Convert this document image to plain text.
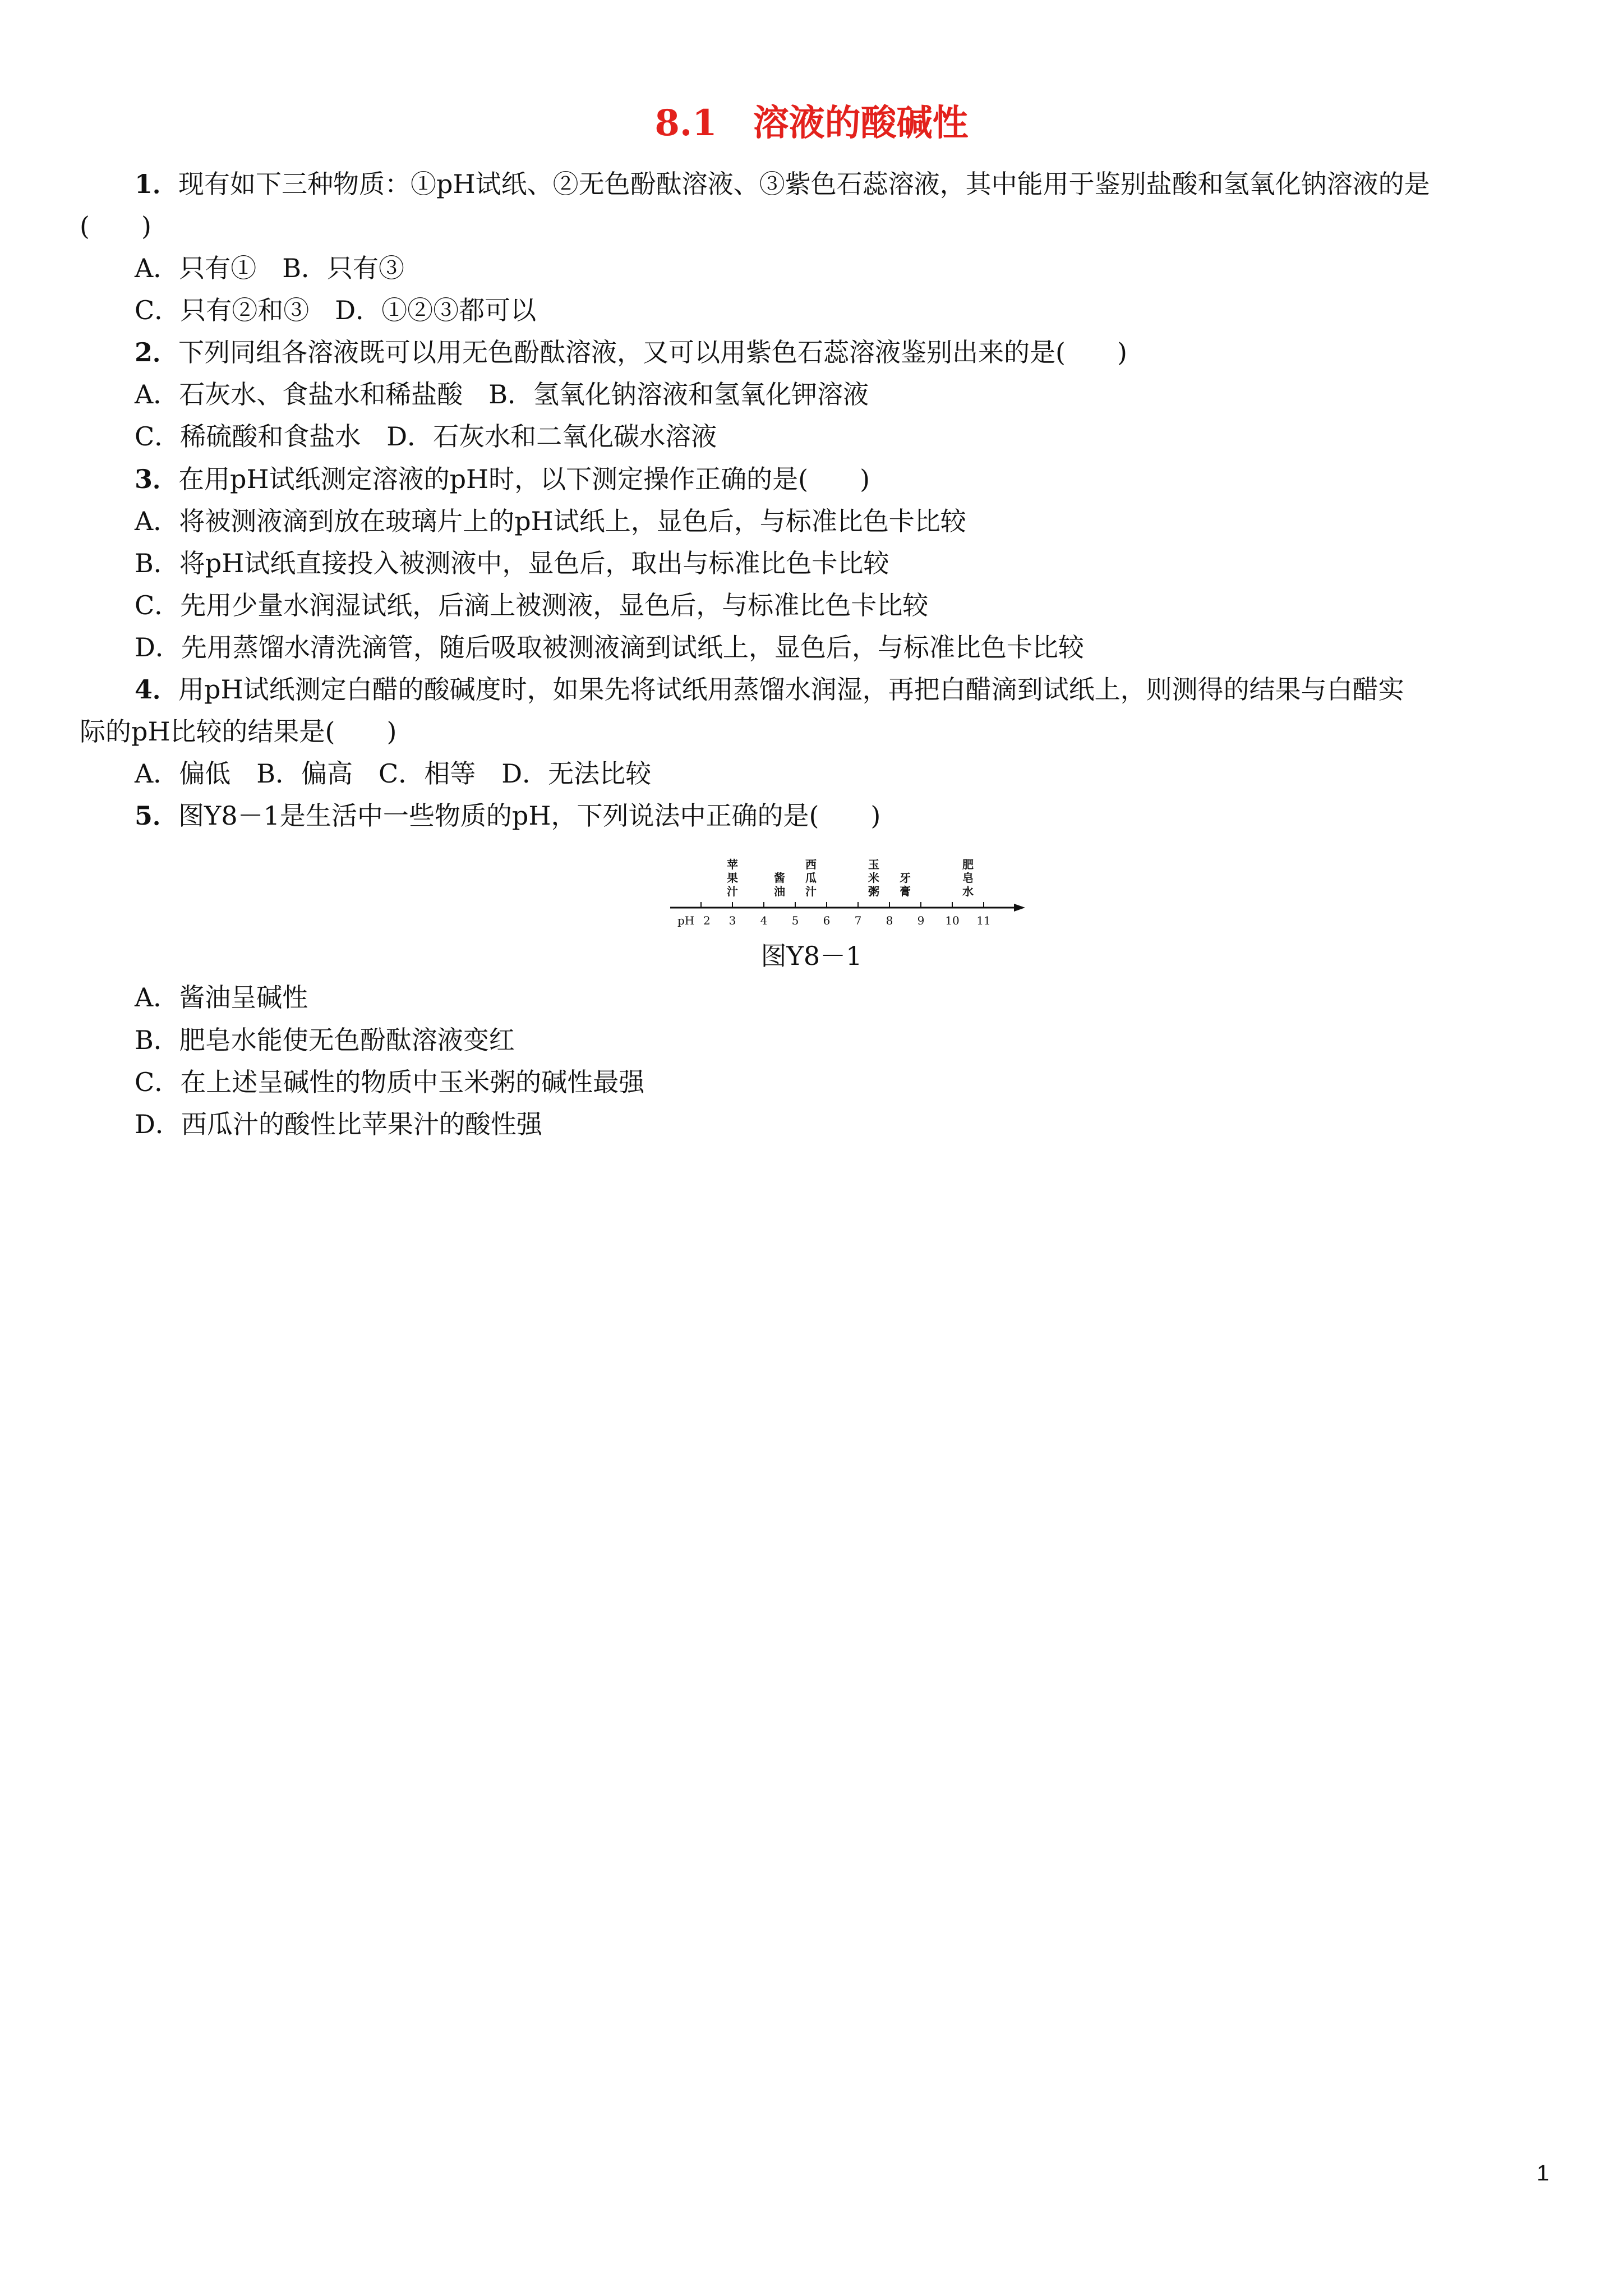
8.1　溶液的酸碱性
1．现有如下三种物质：①pH试纸、②无色酚酞溶液、③紫色石蕊溶液，其中能用于鉴别盐酸和氢氧化钠溶液的是
(　　)
A．只有①　B．只有③
C．只有②和③　D．①②③都可以
2．下列同组各溶液既可以用无色酚酞溶液，又可以用紫色石蕊溶液鉴别出来的是(　　)
A．石灰水、食盐水和稀盐酸　B．氢氧化钠溶液和氢氧化钾溶液
C．稀硫酸和食盐水　D．石灰水和二氧化碳水溶液
3．在用pH试纸测定溶液的pH时，以下测定操作正确的是(　　)
A．将被测液滴到放在玻璃片上的pH试纸上，显色后，与标准比色卡比较
B．将pH试纸直接投入被测液中，显色后，取出与标准比色卡比较
C．先用少量水润湿试纸，后滴上被测液，显色后，与标准比色卡比较
D．先用蒸馏水清洗滴管，随后吸取被测液滴到试纸上，显色后，与标准比色卡比较
4．用pH试纸测定白醋的酸碱度时，如果先将试纸用蒸馏水润湿，再把白醋滴到试纸上，则测得的结果与白醋实
际的pH比较的结果是(　　)
A．偏低　B．偏高　C．相等　D．无法比较
5．图Y8－1是生活中一些物质的pH，下列说法中正确的是(　　)
pH 2 3 4 5 6 7 8 9 10 11
苹
果
汁
酱
油
西
瓜
汁
玉
米
粥
牙
膏
肥
皂
水
图Y8－1
A．酱油呈碱性
B．肥皂水能使无色酚酞溶液变红
C．在上述呈碱性的物质中玉米粥的碱性最强
D．西瓜汁的酸性比苹果汁的酸性强
1
